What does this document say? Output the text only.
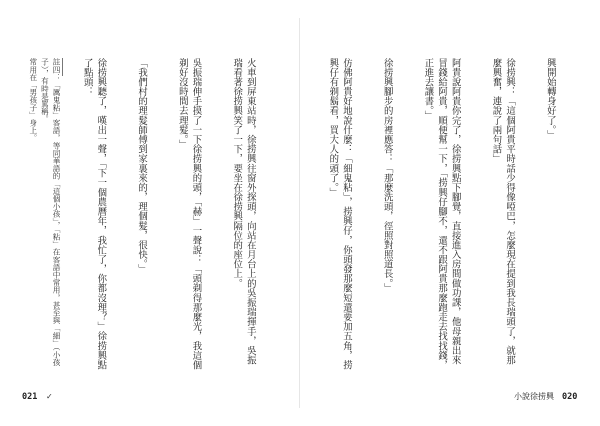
註四：「厲鬼粘」客語，等同華語的「這個小孩」，「粘」在客語中常用，甚至與「細」（小孩子），有時是罵稱。
常用在「男孩子」身上。

	火車到屏東站時，徐捞興往窗外探頭，向站在月台上的吳振瑞揮手，吳振瑞看著徐捞興笑了一下，要坐在徐捞興隔位的座位上。

吳振瑞伸手摸了一下徐捞興的頭，「赫」一聲說：「頭剃得那麼光，我這個剃好沒時間去理髮。」

「我們村的理髮師傅到家裏來的，理個髮，很快。」

徐捞興聽了，嘆出一聲，「下一個農曆年，我忙了，你都沒理？」徐捞興點了點頭：

021 ✓

興開始轉身好了。」

徐捞興：「這個阿貴平時話少得像啞巴，怎麼現在提到我長瑞頭了，就那麼興奮，連說了兩句話」

阿貴說阿貴你完了，徐捞興點下腳覺，直接進入房間做功課，他母親出來冒錢給阿貴，順便幫一下，「捞興仔腳不，還不跟阿貴那麼跑走去找找錢，正進去讓書。」

徐捞興腳步的房裡應答：「那麼洗頭，徑照對照道長。」

仿佛阿貴好地說什麼：「細鬼粘」，捞興仔，你頭發那麼短還要加五角，捞興仔有剃鬍看，買大人的頭了。」

小說徐捞興 020
